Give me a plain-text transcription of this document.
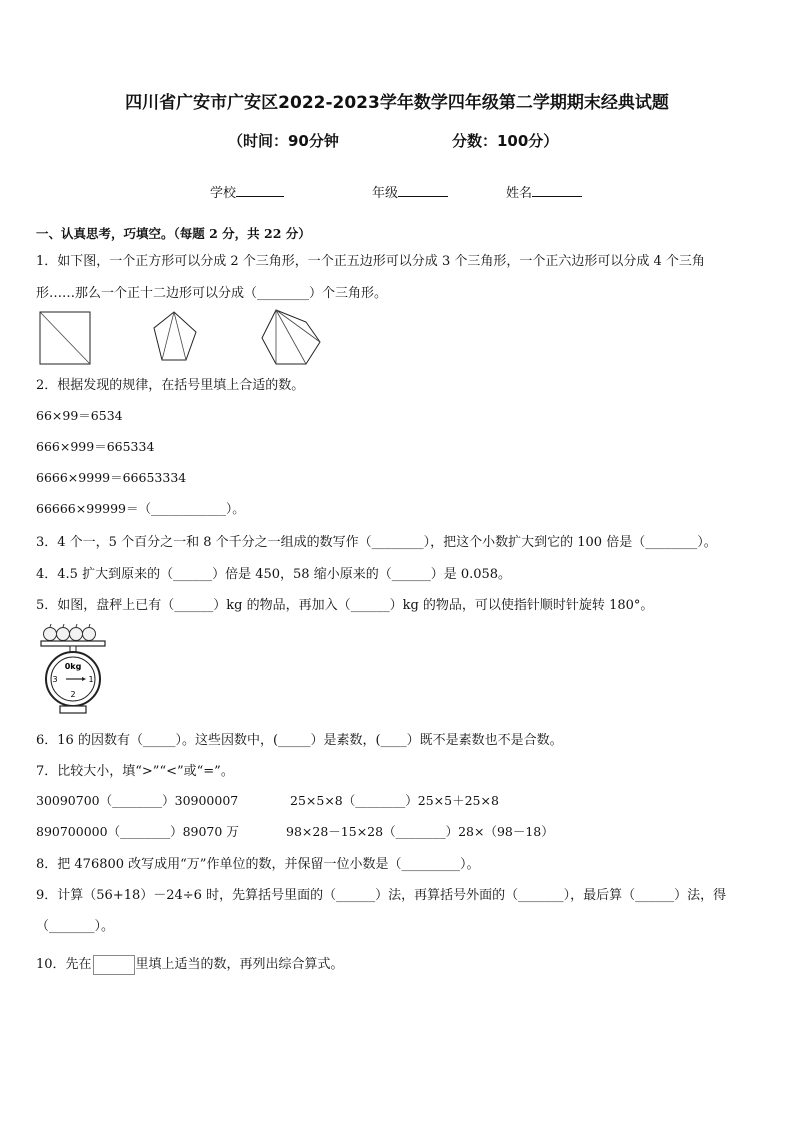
四川省广安市广安区2022-2023学年数学四年级第二学期期末经典试题
（时间：90分钟	分数：100分）
学校	年级	姓名
一、认真思考，巧填空。（每题 2 分，共 22 分）
1．如下图，一个正方形可以分成 2 个三角形，一个正五边形可以分成 3 个三角形，一个正六边形可以分成 4 个三角
形……那么一个正十二边形可以分成（________）个三角形。
2．根据发现的规律，在括号里填上合适的数。
66×99＝6534
666×999＝665334
6666×9999＝66653334
66666×99999＝（____________）。
3．4 个一，5 个百分之一和 8 个千分之一组成的数写作（________），把这个小数扩大到它的 100 倍是（________）。
4．4.5 扩大到原来的（______）倍是 450，58 缩小原来的（______）是 0.058。
5．如图，盘秤上已有（______）kg 的物品，再加入（______）kg 的物品，可以使指针顺时针旋转 180°。
0kg
3	1
2
6．16 的因数有（_____）。这些因数中，(_____）是素数，(____）既不是素数也不是合数。
7．比较大小，填“>”“<”或“=”。
30090700（________）30900007	25×5×8（________）25×5＋25×8
890700000（________）89070 万	98×28－15×28（________）28×（98－18）
8．把 476800 改写成用“万”作单位的数，并保留一位小数是（_________）。
9．计算（56+18）－24÷6 时，先算括号里面的（______）法，再算括号外面的（_______），最后算（______）法，得
（_______）。
10．先在	里填上适当的数，再列出综合算式。
